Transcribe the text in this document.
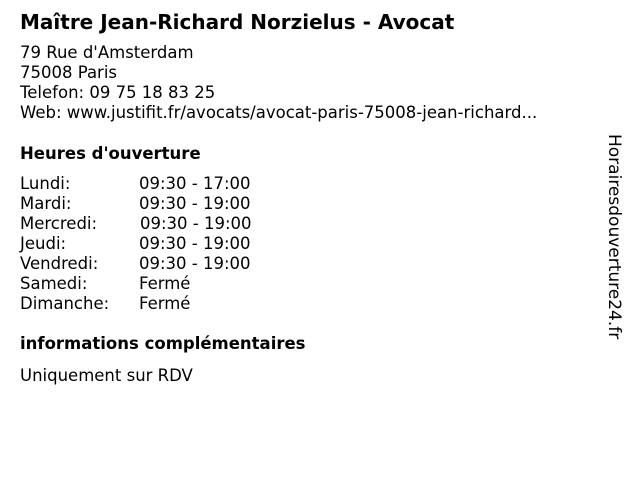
Maître Jean-Richard Norzielus - Avocat
79 Rue d'Amsterdam
75008 Paris
Telefon: 09 75 18 83 25
Web: www.justifit.fr/avocats/avocat-paris-75008-jean-richard...
Heures d'ouverture
Lundi:	09:30 - 17:00
Mardi:	09:30 - 19:00
Mercredi:	09:30 - 19:00
Jeudi:	09:30 - 19:00
Vendredi: 09:30 - 19:00
Samedi:	Fermé
Dimanche: Fermé
informations complémentaires
Uniquement sur RDV
Horairesdouverture24.fr
